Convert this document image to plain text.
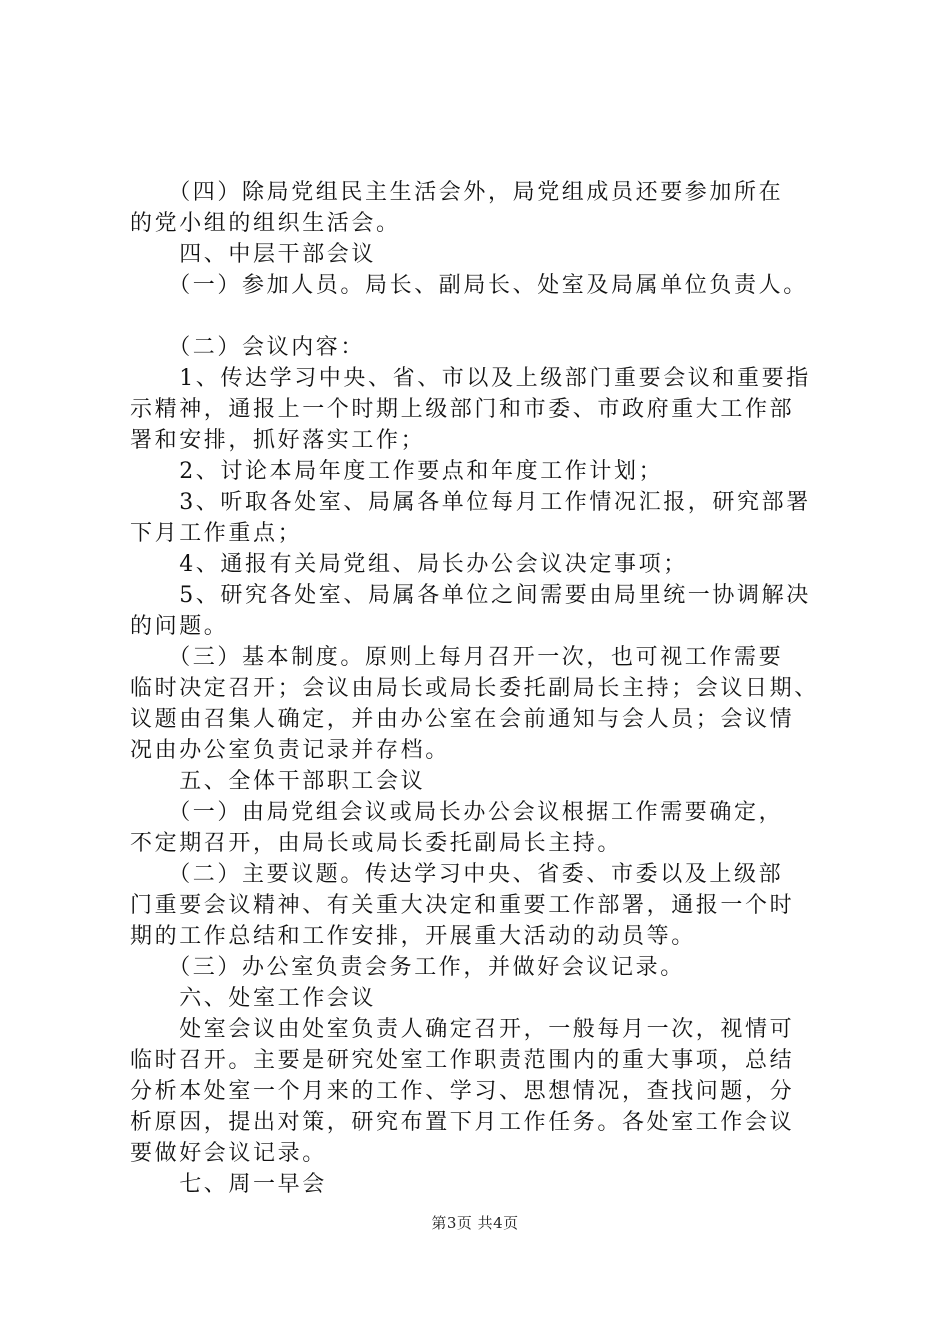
　　（四）除局党组民主生活会外，局党组成员还要参加所在
的党小组的组织生活会。
　　四、中层干部会议
　　（一）参加人员。局长、副局长、处室及局属单位负责人。
　　（二）会议内容：
　　1、传达学习中央、省、市以及上级部门重要会议和重要指
示精神，通报上一个时期上级部门和市委、市政府重大工作部
署和安排，抓好落实工作；
　　2、讨论本局年度工作要点和年度工作计划；
　　3、听取各处室、局属各单位每月工作情况汇报，研究部署
下月工作重点；
　　4、通报有关局党组、局长办公会议决定事项；
　　5、研究各处室、局属各单位之间需要由局里统一协调解决
的问题。
　　（三）基本制度。原则上每月召开一次，也可视工作需要
临时决定召开；会议由局长或局长委托副局长主持；会议日期、
议题由召集人确定，并由办公室在会前通知与会人员；会议情
况由办公室负责记录并存档。
　　五、全体干部职工会议
　　（一）由局党组会议或局长办公会议根据工作需要确定，
不定期召开，由局长或局长委托副局长主持。
　　（二）主要议题。传达学习中央、省委、市委以及上级部
门重要会议精神、有关重大决定和重要工作部署，通报一个时
期的工作总结和工作安排，开展重大活动的动员等。
　　（三）办公室负责会务工作，并做好会议记录。
　　六、处室工作会议
　　处室会议由处室负责人确定召开，一般每月一次，视情可
临时召开。主要是研究处室工作职责范围内的重大事项，总结
分析本处室一个月来的工作、学习、思想情况，查找问题，分
析原因，提出对策，研究布置下月工作任务。各处室工作会议
要做好会议记录。
　　七、周一早会
第3页 共4页
